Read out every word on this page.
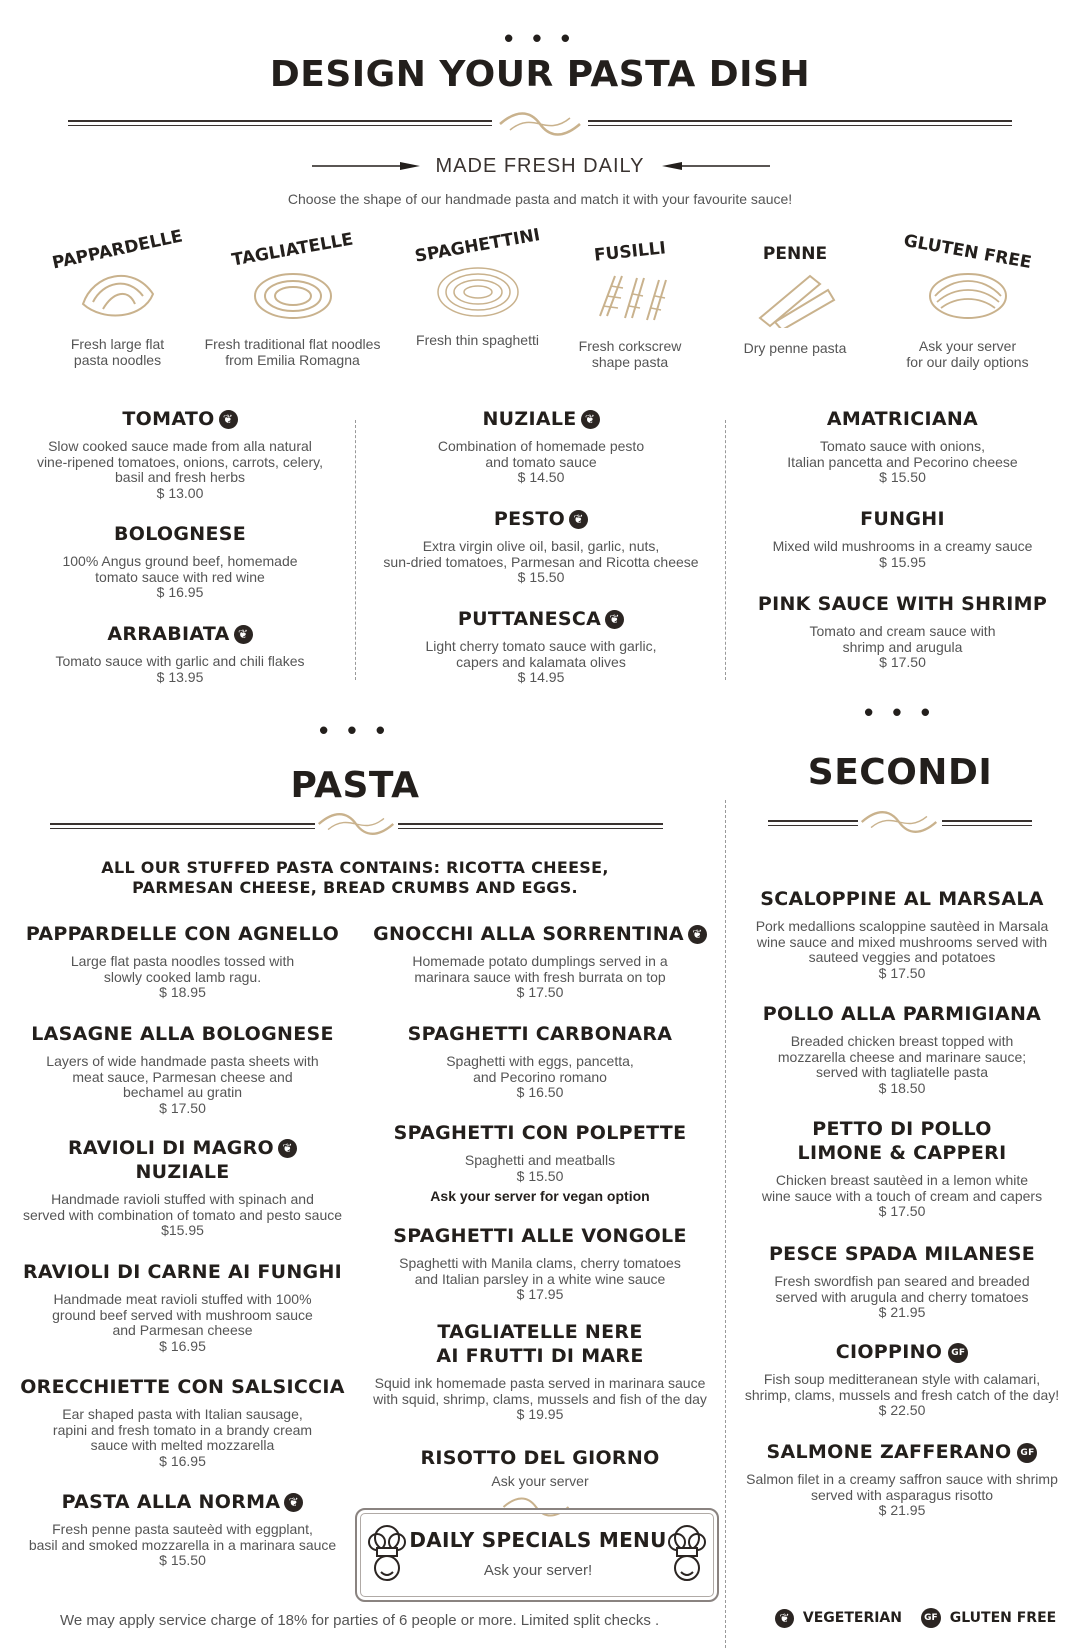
• • •
DESIGN YOUR PASTA DISH
MADE FRESH DAILY
Choose the shape of our handmade pasta and match it with your favourite sauce!
PAPPARDELLE
Fresh large flat
pasta noodles
TAGLIATELLE
Fresh traditional flat noodles
from Emilia Romagna
SPAGHETTINI
Fresh thin spaghetti
FUSILLI
Fresh corkscrew
shape pasta
PENNE
Dry penne pasta
GLUTEN FREE
Ask your server
for our daily options
TOMATO ❦
Slow cooked sauce made from alla natural
vine-ripened tomatoes, onions, carrots, celery,
basil and fresh herbs
$ 13.00
BOLOGNESE
100% Angus ground beef, homemade
tomato sauce with red wine
$ 16.95
ARRABIATA ❦
Tomato sauce with garlic and chili flakes
$ 13.95
NUZIALE ❦
Combination of homemade pesto
and tomato sauce
$ 14.50
PESTO ❦
Extra virgin olive oil, basil, garlic, nuts,
sun-dried tomatoes, Parmesan and Ricotta cheese
$ 15.50
PUTTANESCA ❦
Light cherry tomato sauce with garlic,
capers and kalamata olives
$ 14.95
AMATRICIANA
Tomato sauce with onions,
Italian pancetta and Pecorino cheese
$ 15.50
FUNGHI
Mixed wild mushrooms in a creamy sauce
$ 15.95
PINK SAUCE WITH SHRIMP
Tomato and cream sauce with
shrimp and arugula
$ 17.50
• • •
PASTA
ALL OUR STUFFED PASTA CONTAINS: RICOTTA CHEESE,
PARMESAN CHEESE, BREAD CRUMBS AND EGGS.
PAPPARDELLE CON AGNELLO
Large flat pasta noodles tossed with
slowly cooked lamb ragu.
$ 18.95
LASAGNE ALLA BOLOGNESE
Layers of wide handmade pasta sheets with
meat sauce, Parmesan cheese and
bechamel au gratin
$ 17.50
RAVIOLI DI MAGRO ❦
NUZIALE
Handmade ravioli stuffed with spinach and
served with combination of tomato and pesto sauce
$15.95
RAVIOLI DI CARNE AI FUNGHI
Handmade meat ravioli stuffed with 100%
ground beef served with mushroom sauce
and Parmesan cheese
$ 16.95
ORECCHIETTE CON SALSICCIA
Ear shaped pasta with Italian sausage,
rapini and fresh tomato in a brandy cream
sauce with melted mozzarella
$ 16.95
PASTA ALLA NORMA ❦
Fresh penne pasta sauteèd with eggplant,
basil and smoked mozzarella in a marinara sauce
$ 15.50
GNOCCHI ALLA SORRENTINA ❦
Homemade potato dumplings served in a
marinara sauce with fresh burrata on top
$ 17.50
SPAGHETTI CARBONARA
Spaghetti with eggs, pancetta,
and Pecorino romano
$ 16.50
SPAGHETTI CON POLPETTE
Spaghetti and meatballs
$ 15.50
Ask your server for vegan option
SPAGHETTI ALLE VONGOLE
Spaghetti with Manila clams, cherry tomatoes
and Italian parsley in a white wine sauce
$ 17.95
TAGLIATELLE NERE
AI FRUTTI DI MARE
Squid ink homemade pasta served in marinara sauce
with squid, shrimp, clams, mussels and fish of the day
$ 19.95
RISOTTO DEL GIORNO
Ask your server
DAILY SPECIALS MENU
Ask your server!
• • •
SECONDI
SCALOPPINE AL MARSALA
Pork medallions scaloppine sautèed in Marsala
wine sauce and mixed mushrooms served with
sauteed veggies and potatoes
$ 17.50
POLLO ALLA PARMIGIANA
Breaded chicken breast topped with
mozzarella cheese and marinare sauce;
served with tagliatelle pasta
$ 18.50
PETTO DI POLLO
LIMONE & CAPPERI
Chicken breast sautèed in a lemon white
wine sauce with a touch of cream and capers
$ 17.50
PESCE SPADA MILANESE
Fresh swordfish pan seared and breaded
served with arugula and cherry tomatoes
$ 21.95
CIOPPINO GF
Fish soup meditteranean style with calamari,
shrimp, clams, mussels and fresh catch of the day!
$ 22.50
SALMONE ZAFFERANO GF
Salmon filet in a creamy saffron sauce with shrimp
served with asparagus risotto
$ 21.95
We may apply service charge of 18% for parties of 6 people or more. Limited split checks .	❦ VEGETERIAN GF GLUTEN FREE
